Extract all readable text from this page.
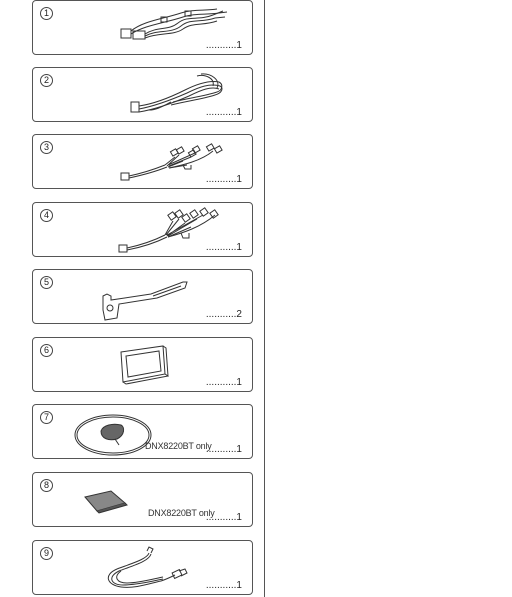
1
...........1
2
...........1
3
...........1
4
...........1
5
...........2
6
...........1
7
DNX8220BT only
...........1
8
DNX8220BT only
...........1
9
...........1
